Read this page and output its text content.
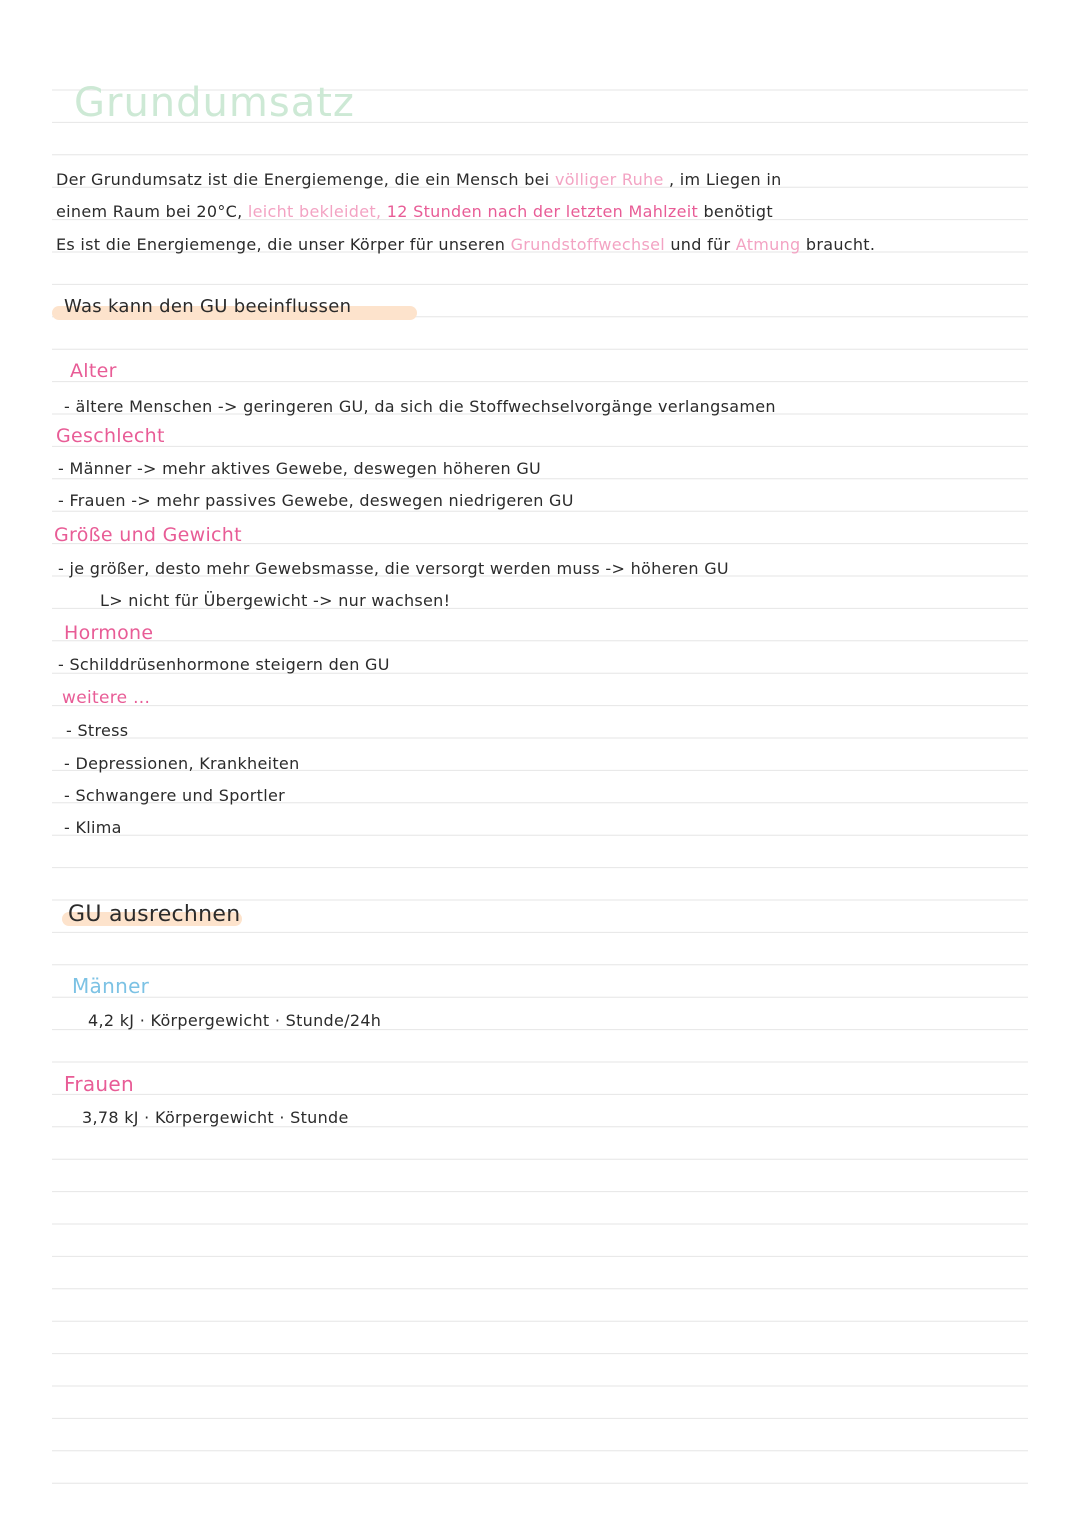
Grundumsatz
Der Grundumsatz ist die Energiemenge, die ein Mensch bei völliger Ruhe , im Liegen in
einem Raum bei 20°C, leicht bekleidet, 12 Stunden nach der letzten Mahlzeit benötigt
Es ist die Energiemenge, die unser Körper für unseren Grundstoffwechsel und für Atmung braucht.
Was kann den GU beeinflussen
Alter
- ältere Menschen -> geringeren GU, da sich die Stoffwechselvorgänge verlangsamen
Geschlecht
- Männer -> mehr aktives Gewebe, deswegen höheren GU
- Frauen -> mehr passives Gewebe, deswegen niedrigeren GU
Größe und Gewicht
- je größer, desto mehr Gewebsmasse, die versorgt werden muss -> höheren GU
L> nicht für Übergewicht -> nur wachsen!
Hormone
- Schilddrüsenhormone steigern den GU
weitere ...
- Stress
- Depressionen, Krankheiten
- Schwangere und Sportler
- Klima
GU ausrechnen
Männer
4,2 kJ · Körpergewicht · Stunde/24h
Frauen
3,78 kJ · Körpergewicht · Stunde
